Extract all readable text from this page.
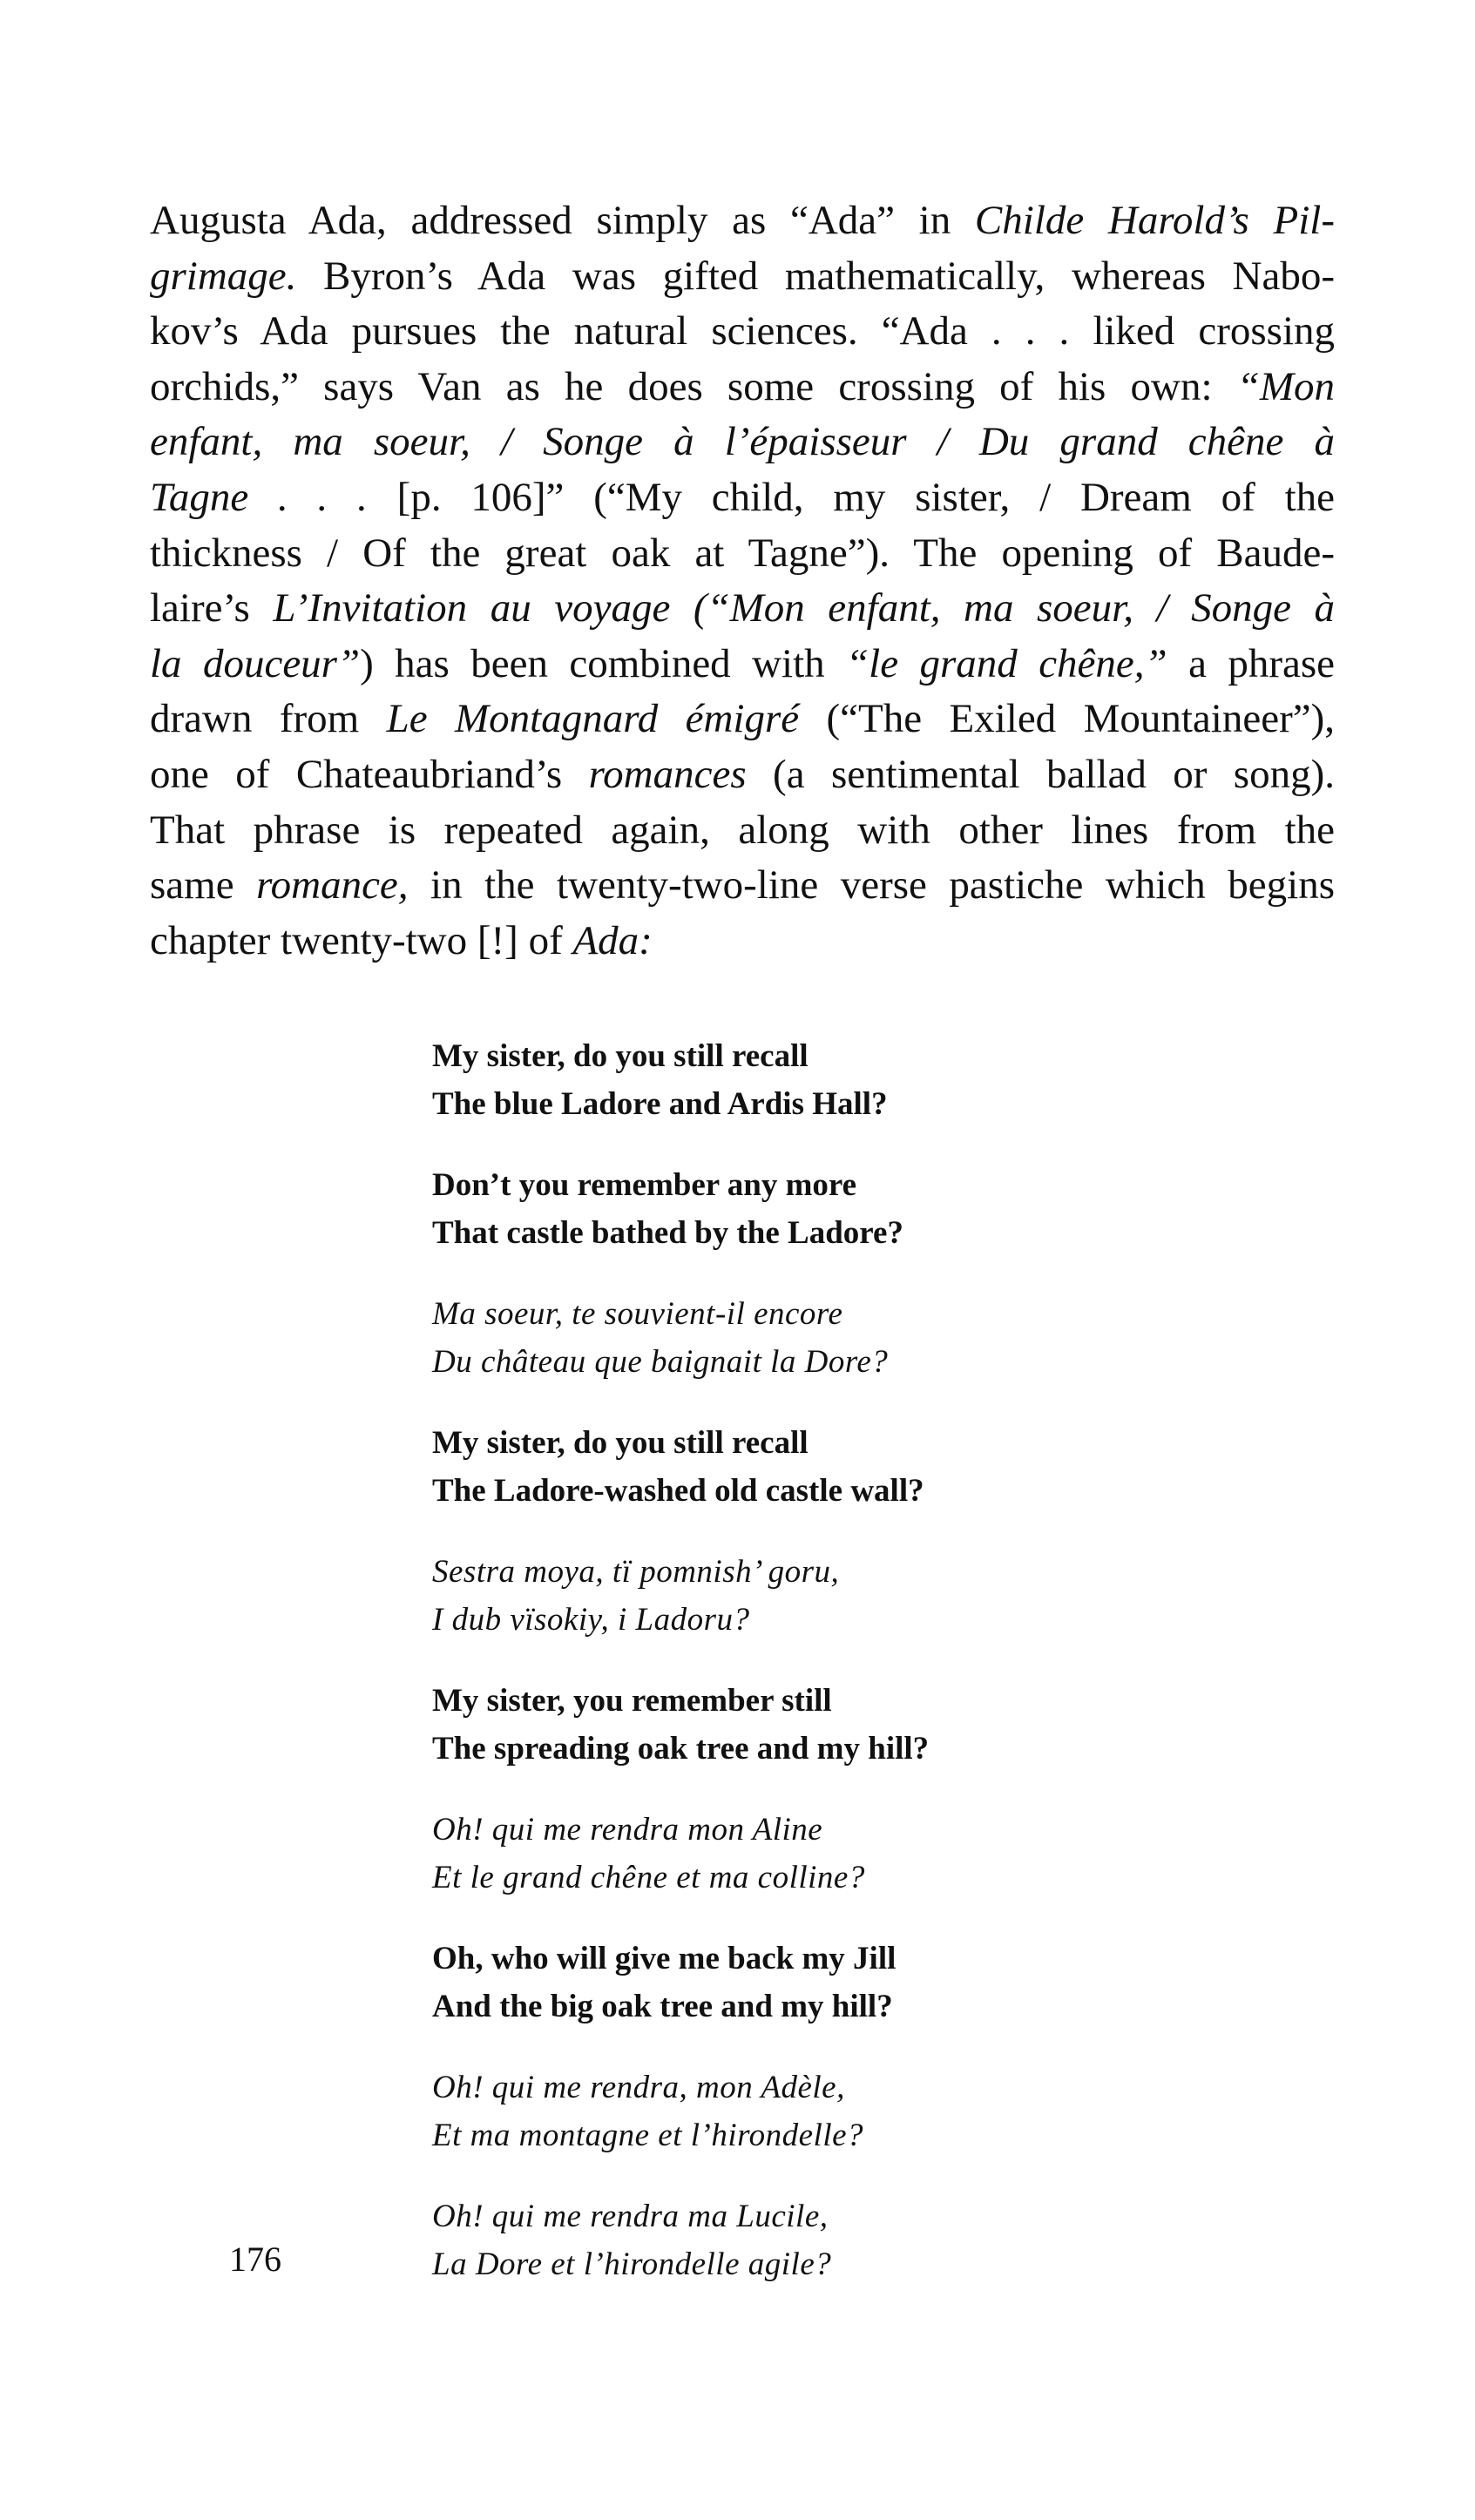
Augusta Ada, addressed simply as “Ada” in Childe Harold’s Pil-
grimage. Byron’s Ada was gifted mathematically, whereas Nabo-
kov’s Ada pursues the natural sciences. “Ada . . . liked crossing
orchids,” says Van as he does some crossing of his own: “Mon
enfant, ma soeur, / Songe à l’épaisseur / Du grand chêne à
Tagne . . . [p. 106]” (“My child, my sister, / Dream of the
thickness / Of the great oak at Tagne”). The opening of Baude-
laire’s L’Invitation au voyage (“Mon enfant, ma soeur, / Songe à
la douceur”) has been combined with “le grand chêne,” a phrase
drawn from Le Montagnard émigré (“The Exiled Mountaineer”),
one of Chateaubriand’s romances (a sentimental ballad or song).
That phrase is repeated again, along with other lines from the
same romance, in the twenty-two-line verse pastiche which begins
chapter twenty-two [!] of Ada:
My sister, do you still recall
The blue Ladore and Ardis Hall?
Don’t you remember any more
That castle bathed by the Ladore?
Ma soeur, te souvient-il encore
Du château que baignait la Dore?
My sister, do you still recall
The Ladore-washed old castle wall?
Sestra moya, tï pomnish’ goru,
I dub vïsokiy, i Ladoru?
My sister, you remember still
The spreading oak tree and my hill?
Oh! qui me rendra mon Aline
Et le grand chêne et ma colline?
Oh, who will give me back my Jill
And the big oak tree and my hill?
Oh! qui me rendra, mon Adèle,
Et ma montagne et l’hirondelle?
Oh! qui me rendra ma Lucile,
La Dore et l’hirondelle agile?
176
